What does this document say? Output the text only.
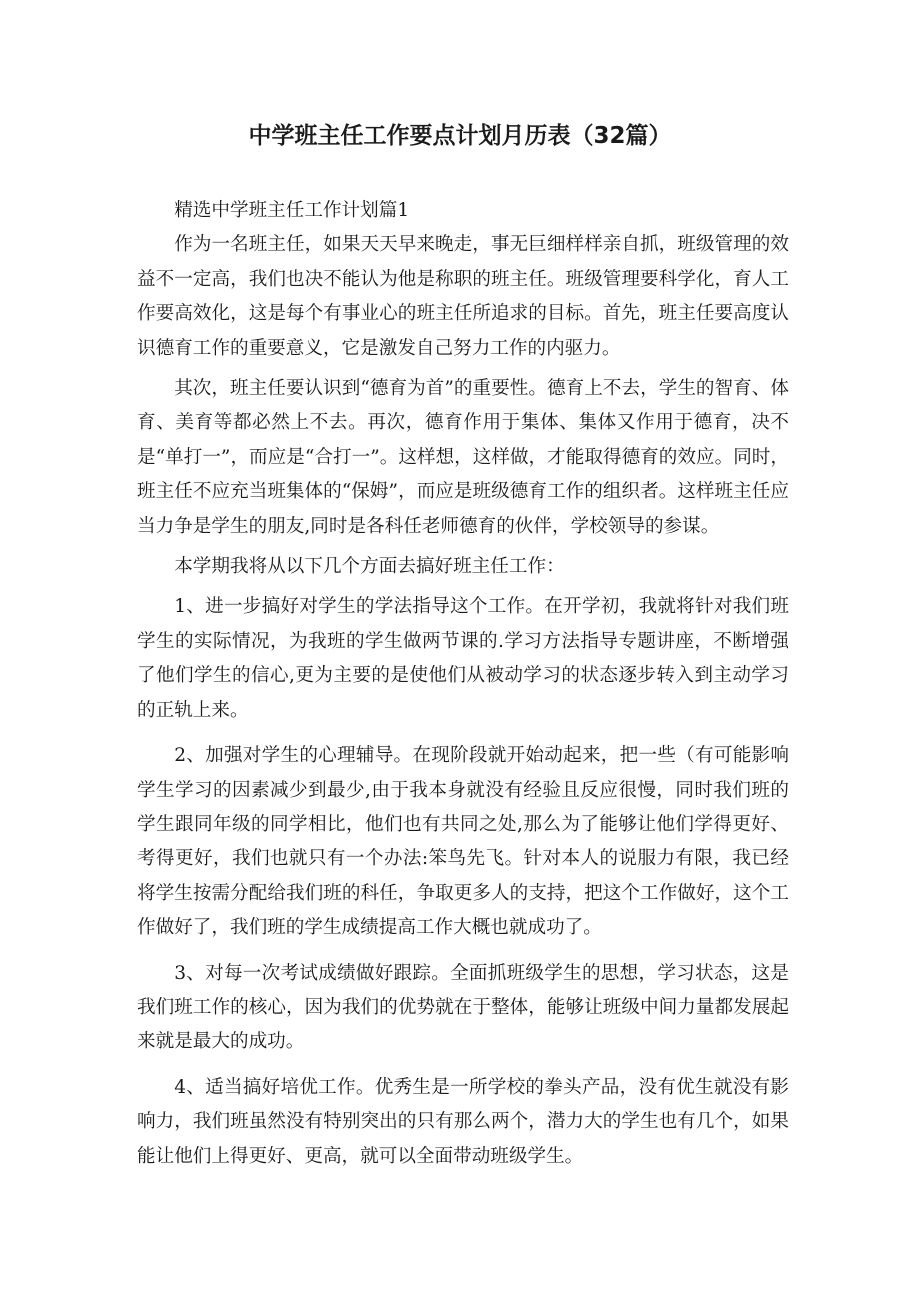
中学班主任工作要点计划月历表（32篇）

精选中学班主任工作计划篇1

作为一名班主任，如果天天早来晚走，事无巨细样样亲自抓，班级管理的效益不一定高，我们也决不能认为他是称职的班主任。班级管理要科学化，育人工作要高效化，这是每个有事业心的班主任所追求的目标。首先，班主任要高度认识德育工作的重要意义，它是激发自己努力工作的内驱力。

其次，班主任要认识到“德育为首”的重要性。德育上不去，学生的智育、体育、美育等都必然上不去。再次，德育作用于集体、集体又作用于德育，决不是“单打一”，而应是“合打一”。这样想，这样做，才能取得德育的效应。同时，班主任不应充当班集体的“保姆”，而应是班级德育工作的组织者。这样班主任应当力争是学生的朋友,同时是各科任老师德育的伙伴，学校领导的参谋。

本学期我将从以下几个方面去搞好班主任工作：

1、进一步搞好对学生的学法指导这个工作。在开学初，我就将针对我们班学生的实际情况，为我班的学生做两节课的.学习方法指导专题讲座，不断增强了他们学生的信心,更为主要的是使他们从被动学习的状态逐步转入到主动学习的正轨上来。

2、加强对学生的心理辅导。在现阶段就开始动起来，把一些（有可能影响学生学习的因素减少到最少,由于我本身就没有经验且反应很慢，同时我们班的学生跟同年级的同学相比，他们也有共同之处,那么为了能够让他们学得更好、考得更好，我们也就只有一个办法:笨鸟先飞。针对本人的说服力有限，我已经将学生按需分配给我们班的科任，争取更多人的支持，把这个工作做好，这个工作做好了，我们班的学生成绩提高工作大概也就成功了。

3、对每一次考试成绩做好跟踪。全面抓班级学生的思想，学习状态，这是我们班工作的核心，因为我们的优势就在于整体，能够让班级中间力量都发展起来就是最大的成功。

4、适当搞好培优工作。优秀生是一所学校的拳头产品，没有优生就没有影响力，我们班虽然没有特别突出的只有那么两个，潜力大的学生也有几个，如果能让他们上得更好、更高，就可以全面带动班级学生。
